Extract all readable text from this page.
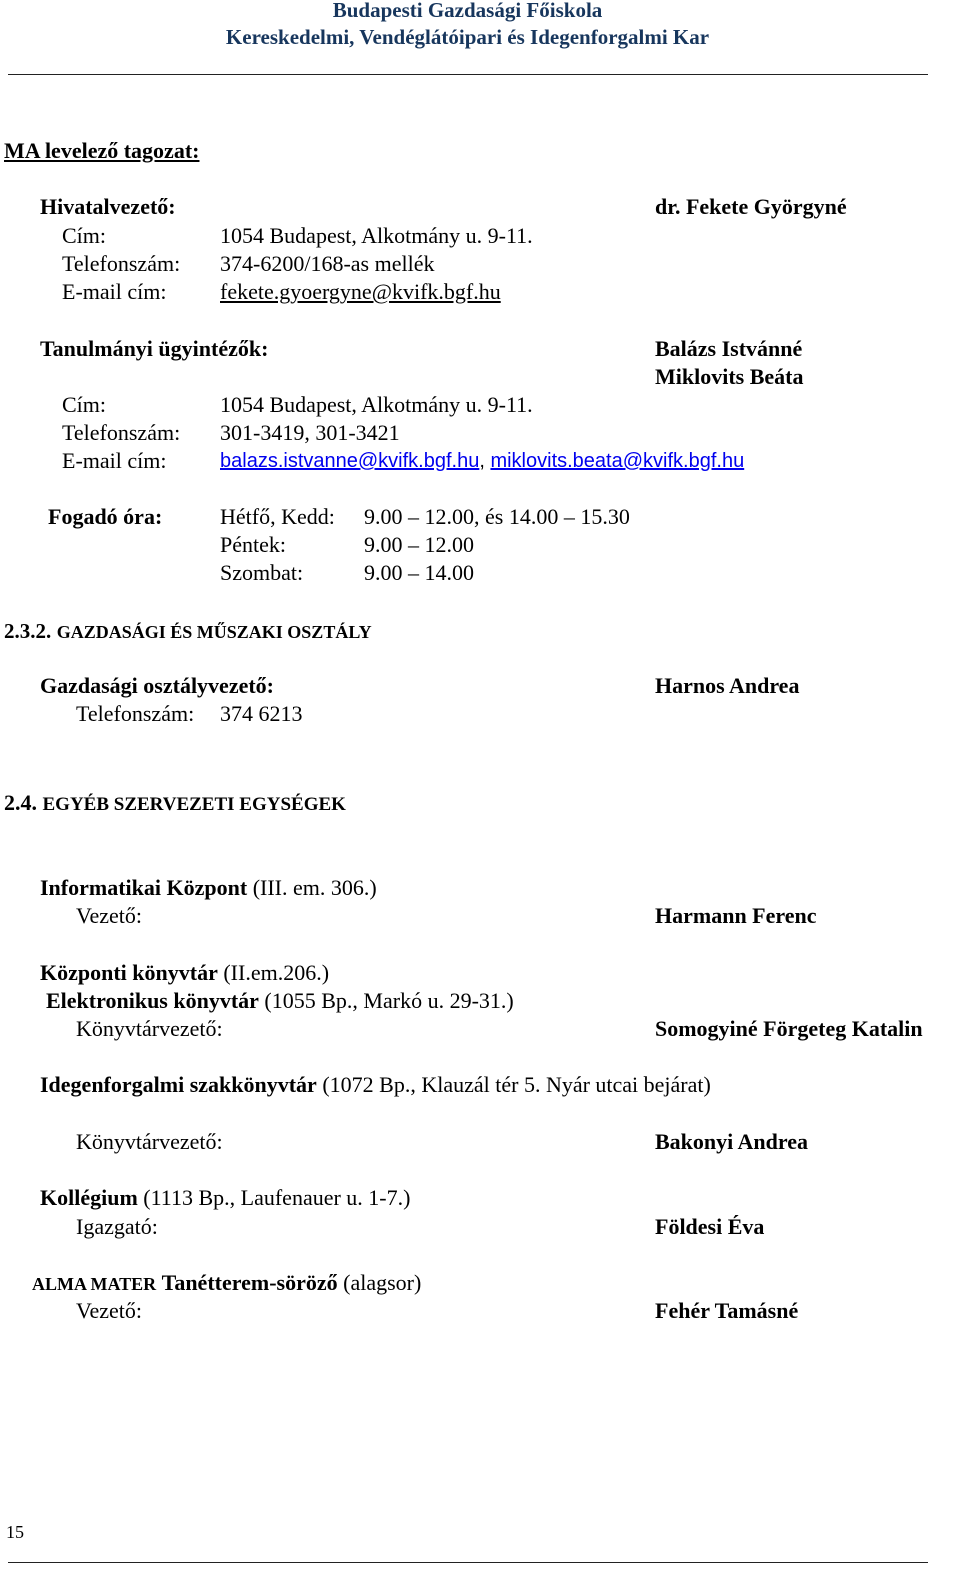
Budapesti Gazdasági Főiskola
Kereskedelmi, Vendéglátóipari és Idegenforgalmi Kar
MA levelező tagozat:
Hivatalvezető:	dr. Fekete Györgyné
Cím:	1054 Budapest, Alkotmány u. 9-11.
Telefonszám: 374-6200/168-as mellék
E-mail cím: fekete.gyoergyne@kvifk.bgf.hu
Tanulmányi ügyintézők:	Balázs Istvánné
Miklovits Beáta
Cím:	1054 Budapest, Alkotmány u. 9-11.
Telefonszám: 301-3419, 301-3421
E-mail cím:	balazs.istvanne@kvifk.bgf.hu, miklovits.beata@kvifk.bgf.hu
Fogadó óra:	Hétfő, Kedd: 9.00 – 12.00, és 14.00 – 15.30
Péntek:	9.00 – 12.00
Szombat:	9.00 – 14.00
2.3.2. GAZDASÁGI ÉS MŰSZAKI OSZTÁLY
Gazdasági osztályvezető:	Harnos Andrea
Telefonszám: 374 6213
2.4. EGYÉB SZERVEZETI EGYSÉGEK
Informatikai Központ (III. em. 306.)
Vezető:	Harmann Ferenc
Központi könyvtár (II.em.206.)
Elektronikus könyvtár (1055 Bp., Markó u. 29-31.)
Könyvtárvezető:	Somogyiné Förgeteg Katalin
Idegenforgalmi szakkönyvtár (1072 Bp., Klauzál tér 5. Nyár utcai bejárat)
Könyvtárvezető:	Bakonyi Andrea
Kollégium (1113 Bp., Laufenauer u. 1-7.)
Igazgató:	Földesi Éva
ALMA MATER Tanétterem-söröző (alagsor)
Vezető:	Fehér Tamásné
15
